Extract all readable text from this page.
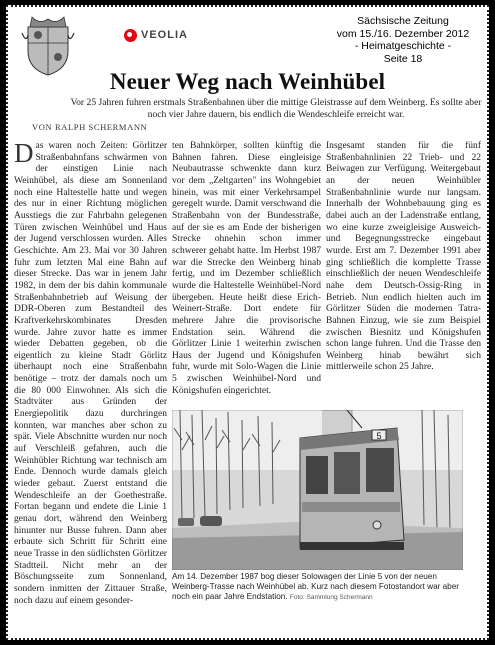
VEOLIA
Sächsische Zeitung
vom 15./16. Dezember 2012
- Heimatgeschichte -
Seite 18
Neuer Weg nach Weinhübel
Vor 25 Jahren fuhren erstmals Straßenbahnen über die mittige Gleistrasse auf dem Weinberg. Es sollte aber noch vier Jahre dauern, bis endlich die Wendeschleife erreicht war.
VON RALPH SCHERMANN
Das waren noch Zeiten: Görlitzer Straßenbahnfans schwärmen von der einstigen Linie nach Weinhübel, als diese am Sonnenland noch eine Haltestelle hatte und wegen des nur in einer Richtung möglichen Ausstiegs die zur Fahrbahn gelegenen Türen zwischen Weinhübel und Haus der Jugend verschlossen wurden. Alles Geschichte. Am 23. Mai vor 30 Jahren fuhr zum letzten Mal eine Bahn auf dieser Strecke. Das war in jenem Jahr 1982, in dem der bis dahin kommunale Straßenbahnbetrieb auf Weisung der DDR-Oberen zum Bestandteil des Kraftverkehrskombinates Dresden wurde. Jahre zuvor hatte es immer wieder Debatten gegeben, ob die eigentlich zu kleine Stadt Görlitz überhaupt noch eine Straßenbahn benötige – trotz der damals noch um die 80 000 Einwohner. Als sich die Stadtväter aus Gründen der Energiepolitik dazu durchringen konnten, war manches aber schon zu spät. Viele Abschnitte wurden nur noch auf Verschleiß gefahren, auch die Weinhübler Richtung war technisch am Ende. Dennoch wurde damals gleich wieder gebaut. Zuerst entstand die Wendeschleife an der Goethestraße. Fortan begann und endete die Linie 1 genau dort, während den Weinberg hinunter nur Busse fuhren. Dann aber erbaute sich Schritt für Schritt eine neue Trasse in den südlichsten Görlitzer Stadtteil. Nicht mehr an der Böschungsseite zum Sonnenland, sondern inmitten der Zittauer Straße, noch dazu auf einem gesonder-
ten Bahnkörper, sollten künftig die Bahnen fahren. Diese eingleisige Neubautrasse schwenkte dann kurz vor dem „Zeltgarten" ins Wohngebiet hinein, was mit einer Verkehrsampel geregelt wurde. Damit verschwand die Straßenbahn von der Bundesstraße, auf der sie es am Ende der bisherigen Strecke ohnehin schon immer schwerer gehabt hatte. Im Herbst 1987 war die Strecke den Weinberg hinab fertig, und im Dezember schließlich wurde die Haltestelle Weinhübel-Nord übergeben. Heute heißt diese Erich-Weinert-Straße. Dort endete für mehrere Jahre die provisorische Endstation sein. Während die Görlitzer Linie 1 weiterhin zwischen Haus der Jugend und Königshufen fuhr, wurde mit Solo-Wagen die Linie 5 zwischen Weinhübel-Nord und Königshufen eingerichtet.
Insgesamt standen für die fünf Straßenbahnlinien 22 Trieb- und 22 Beiwagen zur Verfügung. Weitergebaut an der neuen Weinhübler Straßenbahnlinie wurde nur langsam. Innerhalb der Wohnbebauung ging es dabei auch an der Ladenstraße entlang, wo eine kurze zweigleisige Ausweich- und Begegnungsstrecke eingebaut wurde. Erst am 7. Dezember 1991 aber ging schließlich die komplette Trasse einschließlich der neuen Wendeschleife nahe dem Deutsch-Ossig-Ring in Betrieb. Nun endlich hielten auch im Görlitzer Süden die modernen Tatra-Bahnen Einzug, wie sie zum Beispiel zwischen Biesnitz und Königshufen schon lange fuhren. Und die Trasse den Weinberg hinab bewährt sich mittlerweile schon 25 Jahre.
5
Am 14. Dezember 1987 bog dieser Solowagen der Linie 5 von der neuen Weinberg-Trasse nach Weinhübel ab. Kurz nach diesem Fotostandort war aber noch ein paar Jahre Endstation. Foto: Sammlung Schermann
